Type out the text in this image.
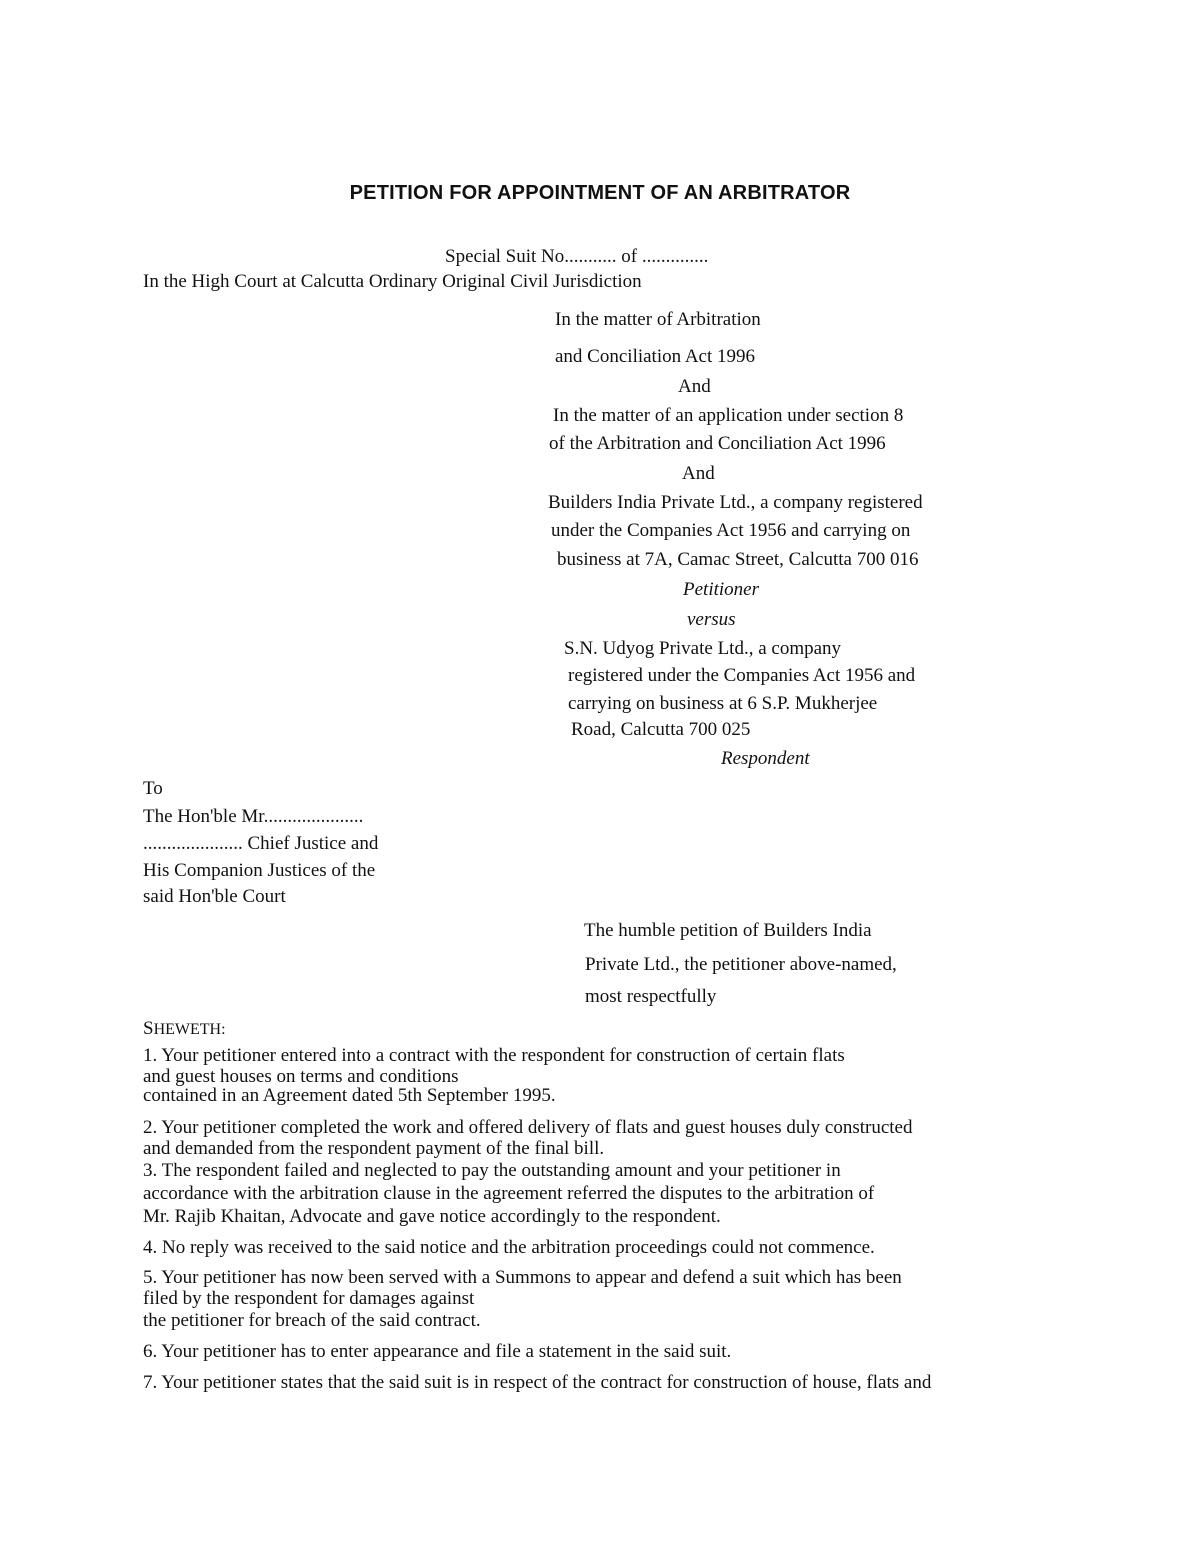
PETITION FOR APPOINTMENT OF AN ARBITRATOR
Special Suit No........... of ..............
In the High Court at Calcutta Ordinary Original Civil Jurisdiction
In the matter of Arbitration
and Conciliation Act 1996
And
In the matter of an application under section 8
of the Arbitration and Conciliation Act 1996
And
Builders India Private Ltd., a company registered
under the Companies Act 1956 and carrying on
business at 7A, Camac Street, Calcutta 700 016
Petitioner
versus
S.N. Udyog Private Ltd., a company
registered under the Companies Act 1956 and
carrying on business at 6 S.P. Mukherjee
Road, Calcutta 700 025
Respondent
To
The Hon'ble Mr.....................
..................... Chief Justice and
His Companion Justices of the
said Hon'ble Court
The humble petition of Builders India
Private Ltd., the petitioner above-named,
most respectfully
SHEWETH:
1. Your petitioner entered into a contract with the respondent for construction of certain flats
and guest houses on terms and conditions
contained in an Agreement dated 5th September 1995.
2. Your petitioner completed the work and offered delivery of flats and guest houses duly constructed
and demanded from the respondent payment of the final bill.
3. The respondent failed and neglected to pay the outstanding amount and your petitioner in
accordance with the arbitration clause in the agreement referred the disputes to the arbitration of
Mr. Rajib Khaitan, Advocate and gave notice accordingly to the respondent.
4. No reply was received to the said notice and the arbitration proceedings could not commence.
5. Your petitioner has now been served with a Summons to appear and defend a suit which has been
filed by the respondent for damages against
the petitioner for breach of the said contract.
6. Your petitioner has to enter appearance and file a statement in the said suit.
7. Your petitioner states that the said suit is in respect of the contract for construction of house, flats and
